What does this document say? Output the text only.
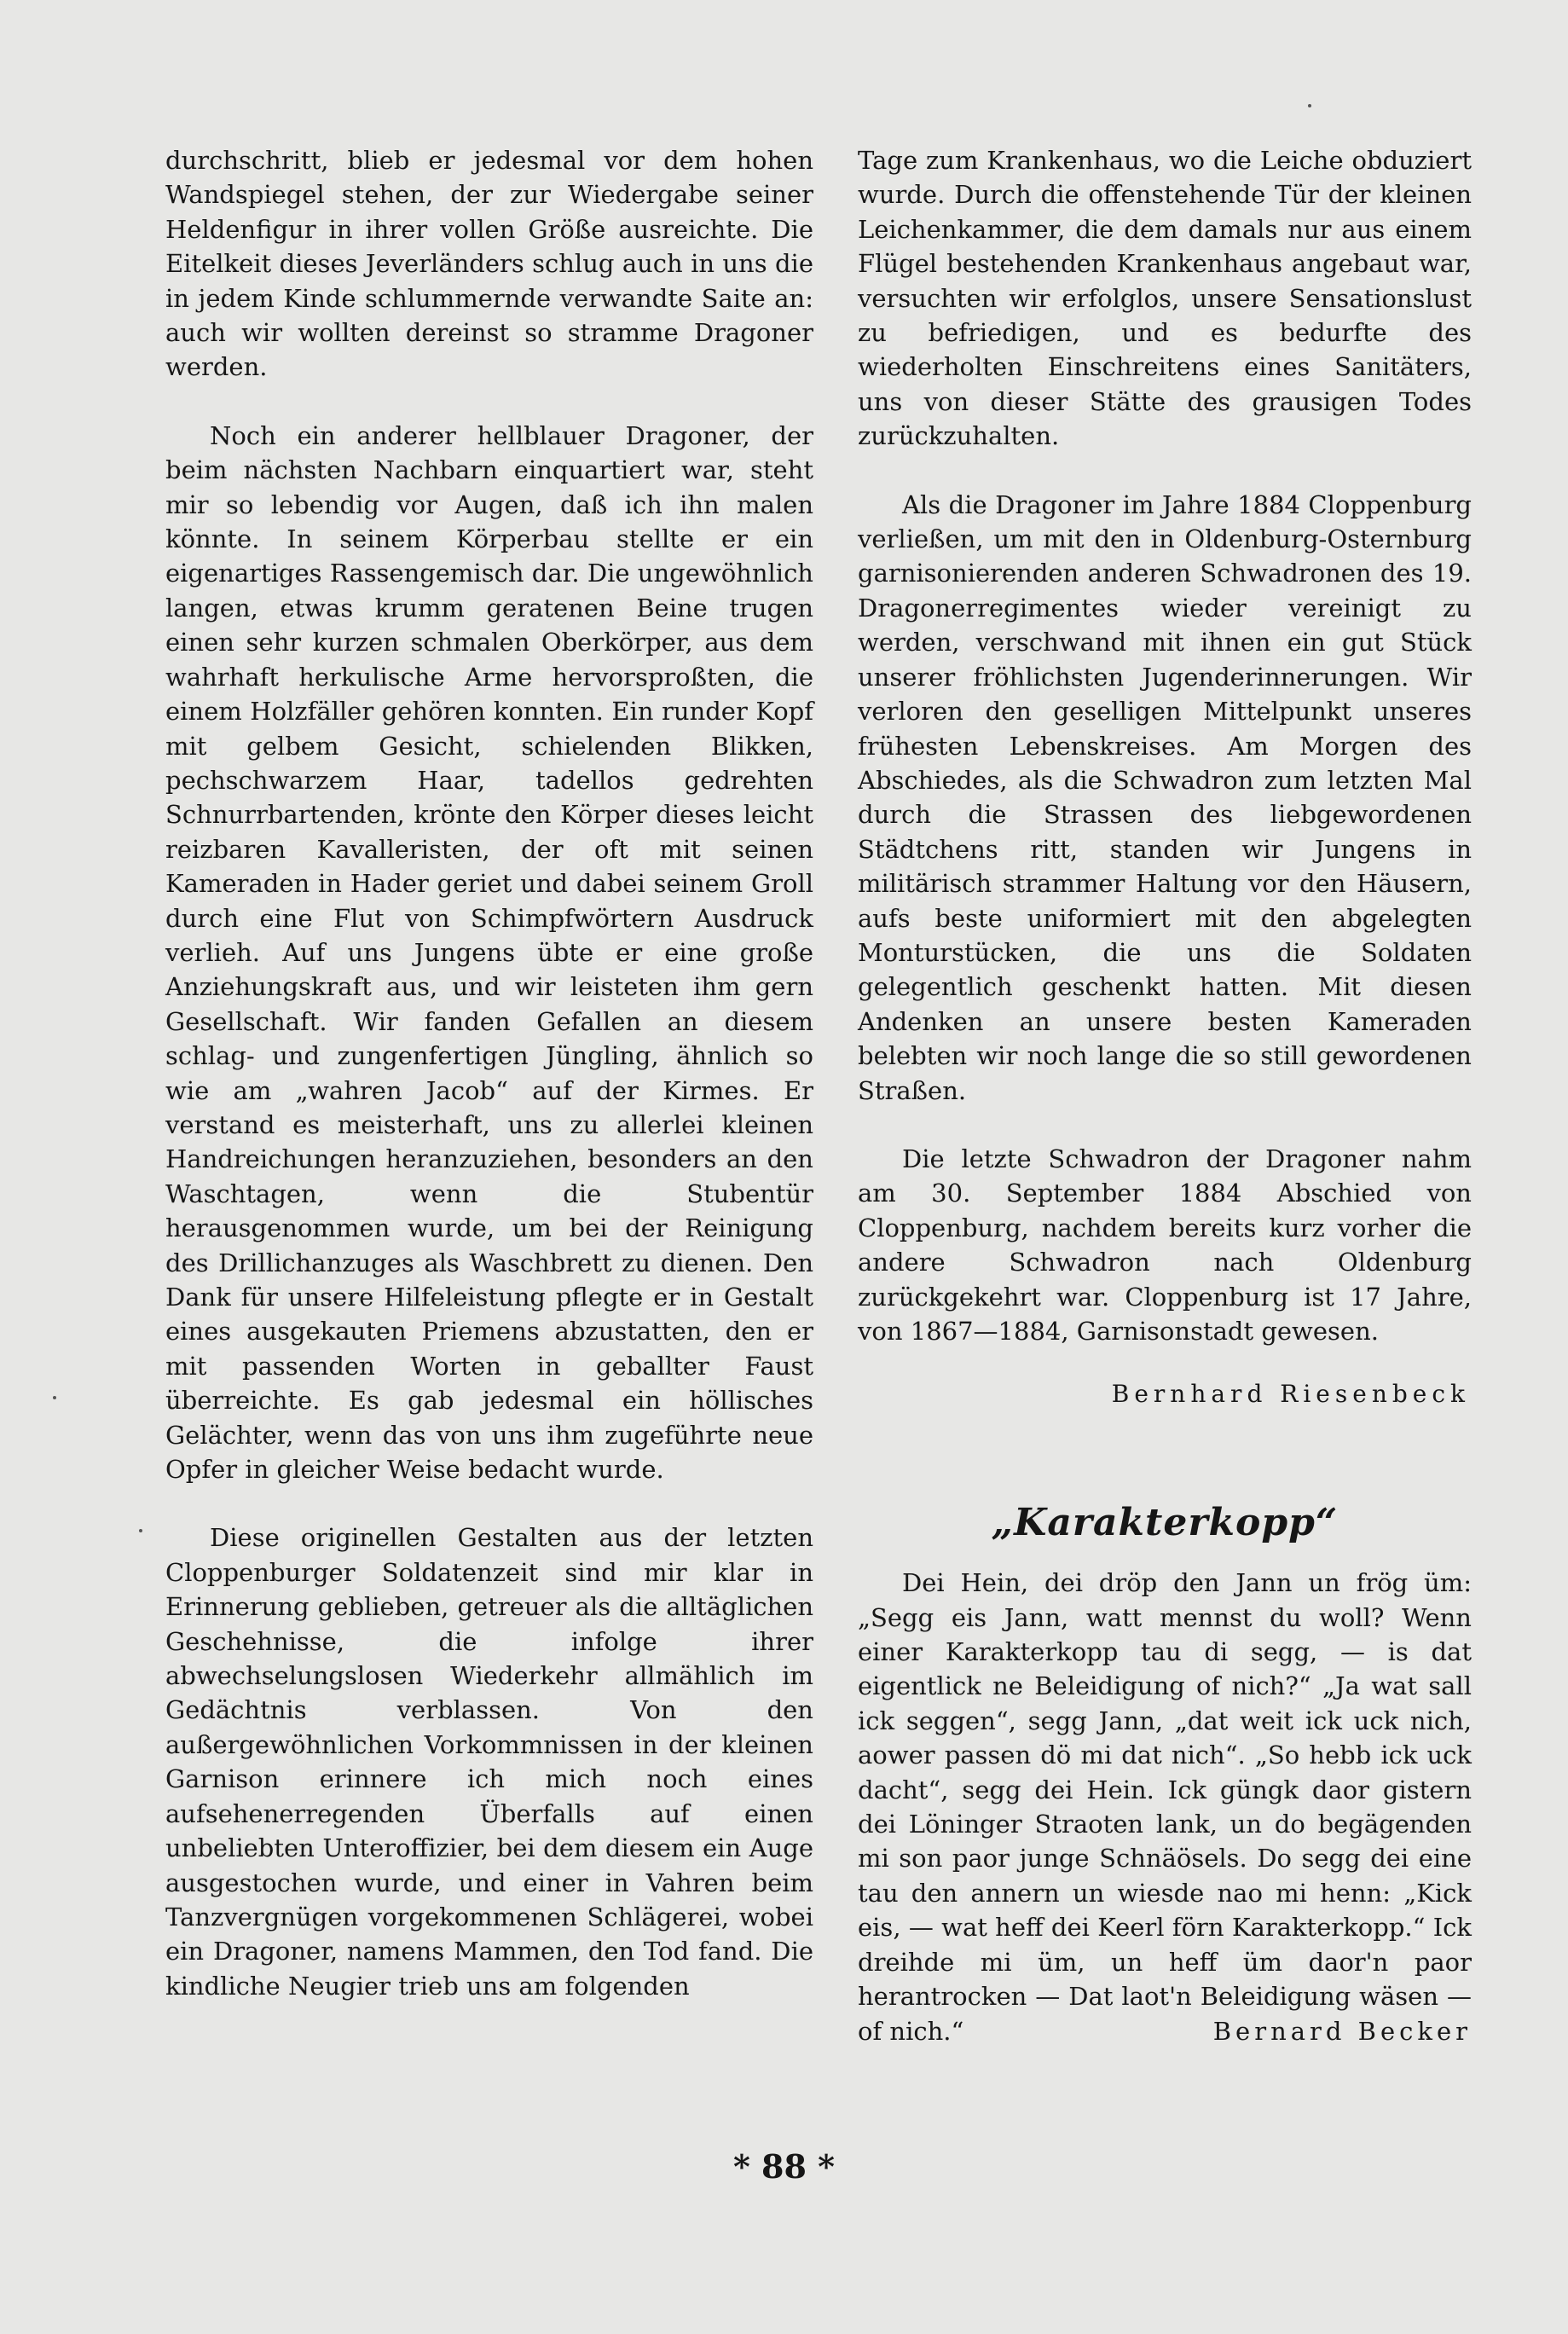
durchschritt, blieb er jedesmal vor dem hohen Wandspiegel stehen, der zur Wiedergabe seiner Heldenfigur in ihrer vollen Größe ausreichte. Die Eitelkeit dieses Jeverländers schlug auch in uns die in jedem Kinde schlummernde verwandte Saite an: auch wir wollten dereinst so stramme Dragoner werden.

Noch ein anderer hellblauer Dragoner, der beim nächsten Nachbarn einquartiert war, steht mir so lebendig vor Augen, daß ich ihn malen könnte. In seinem Körperbau stellte er ein eigenartiges Rassengemisch dar. Die ungewöhnlich langen, etwas krumm geratenen Beine trugen einen sehr kurzen schmalen Oberkörper, aus dem wahrhaft herkulische Arme hervorsproßten, die einem Holzfäller gehören konnten. Ein runder Kopf mit gelbem Gesicht, schielenden Blikken, pechschwarzem Haar, tadellos gedrehten Schnurrbartenden, krönte den Körper dieses leicht reizbaren Kavalleristen, der oft mit seinen Kameraden in Hader geriet und dabei seinem Groll durch eine Flut von Schimpfwörtern Ausdruck verlieh. Auf uns Jungens übte er eine große Anziehungskraft aus, und wir leisteten ihm gern Gesellschaft. Wir fanden Gefallen an diesem schlag- und zungenfertigen Jüngling, ähnlich so wie am „wahren Jacob“ auf der Kirmes. Er verstand es meisterhaft, uns zu allerlei kleinen Handreichungen heranzuziehen, besonders an den Waschtagen, wenn die Stubentür herausgenommen wurde, um bei der Reinigung des Drillichanzuges als Waschbrett zu dienen. Den Dank für unsere Hilfeleistung pflegte er in Gestalt eines ausgekauten Priemens abzustatten, den er mit passenden Worten in geballter Faust überreichte. Es gab jedesmal ein höllisches Gelächter, wenn das von uns ihm zugeführte neue Opfer in gleicher Weise bedacht wurde.

Diese originellen Gestalten aus der letzten Cloppenburger Soldatenzeit sind mir klar in Erinnerung geblieben, getreuer als die alltäglichen Geschehnisse, die infolge ihrer abwechselungslosen Wiederkehr allmählich im Gedächtnis verblassen. Von den außergewöhnlichen Vorkommnissen in der kleinen Garnison erinnere ich mich noch eines aufsehenerregenden Überfalls auf einen unbeliebten Unteroffizier, bei dem diesem ein Auge ausgestochen wurde, und einer in Vahren beim Tanzvergnügen vorgekommenen Schlägerei, wobei ein Dragoner, namens Mammen, den Tod fand. Die kindliche Neugier trieb uns am folgenden

Tage zum Krankenhaus, wo die Leiche obduziert wurde. Durch die offenstehende Tür der kleinen Leichenkammer, die dem damals nur aus einem Flügel bestehenden Krankenhaus angebaut war, versuchten wir erfolglos, unsere Sensationslust zu befriedigen, und es bedurfte des wiederholten Einschreitens eines Sanitäters, uns von dieser Stätte des grausigen Todes zurückzuhalten.

Als die Dragoner im Jahre 1884 Cloppenburg verließen, um mit den in Oldenburg-Osternburg garnisonierenden anderen Schwadronen des 19. Dragonerregimentes wieder vereinigt zu werden, verschwand mit ihnen ein gut Stück unserer fröhlichsten Jugenderinnerungen. Wir verloren den geselligen Mittelpunkt unseres frühesten Lebenskreises. Am Morgen des Abschiedes, als die Schwadron zum letzten Mal durch die Strassen des liebgewordenen Städtchens ritt, standen wir Jungens in militärisch strammer Haltung vor den Häusern, aufs beste uniformiert mit den abgelegten Monturstücken, die uns die Soldaten gelegentlich geschenkt hatten. Mit diesen Andenken an unsere besten Kameraden belebten wir noch lange die so still gewordenen Straßen.

Die letzte Schwadron der Dragoner nahm am 30. September 1884 Abschied von Cloppenburg, nachdem bereits kurz vorher die andere Schwadron nach Oldenburg zurückgekehrt war. Cloppenburg ist 17 Jahre, von 1867—1884, Garnisonstadt gewesen.

Bernhard Riesenbeck
„Karakterkopp“

Dei Hein, dei dröp den Jann un frög üm: „Segg eis Jann, watt mennst du woll? Wenn einer Karakterkopp tau di segg, — is dat eigentlick ne Beleidigung of nich?“ „Ja wat sall ick seggen“, segg Jann, „dat weit ick uck nich, aower passen dö mi dat nich“. „So hebb ick uck dacht“, segg dei Hein. Ick güngk daor gistern dei Löninger Straoten lank, un do begägenden mi son paor junge Schnäösels. Do segg dei eine tau den annern un wiesde nao mi henn: „Kick eis, — wat heff dei Keerl förn Karakterkopp.“ Ick dreihde mi üm, un heff üm daor'n paor herantrocken — Dat laot'n Beleidigung wäsen — of nich.“	Bernard Becker

* 88 *
